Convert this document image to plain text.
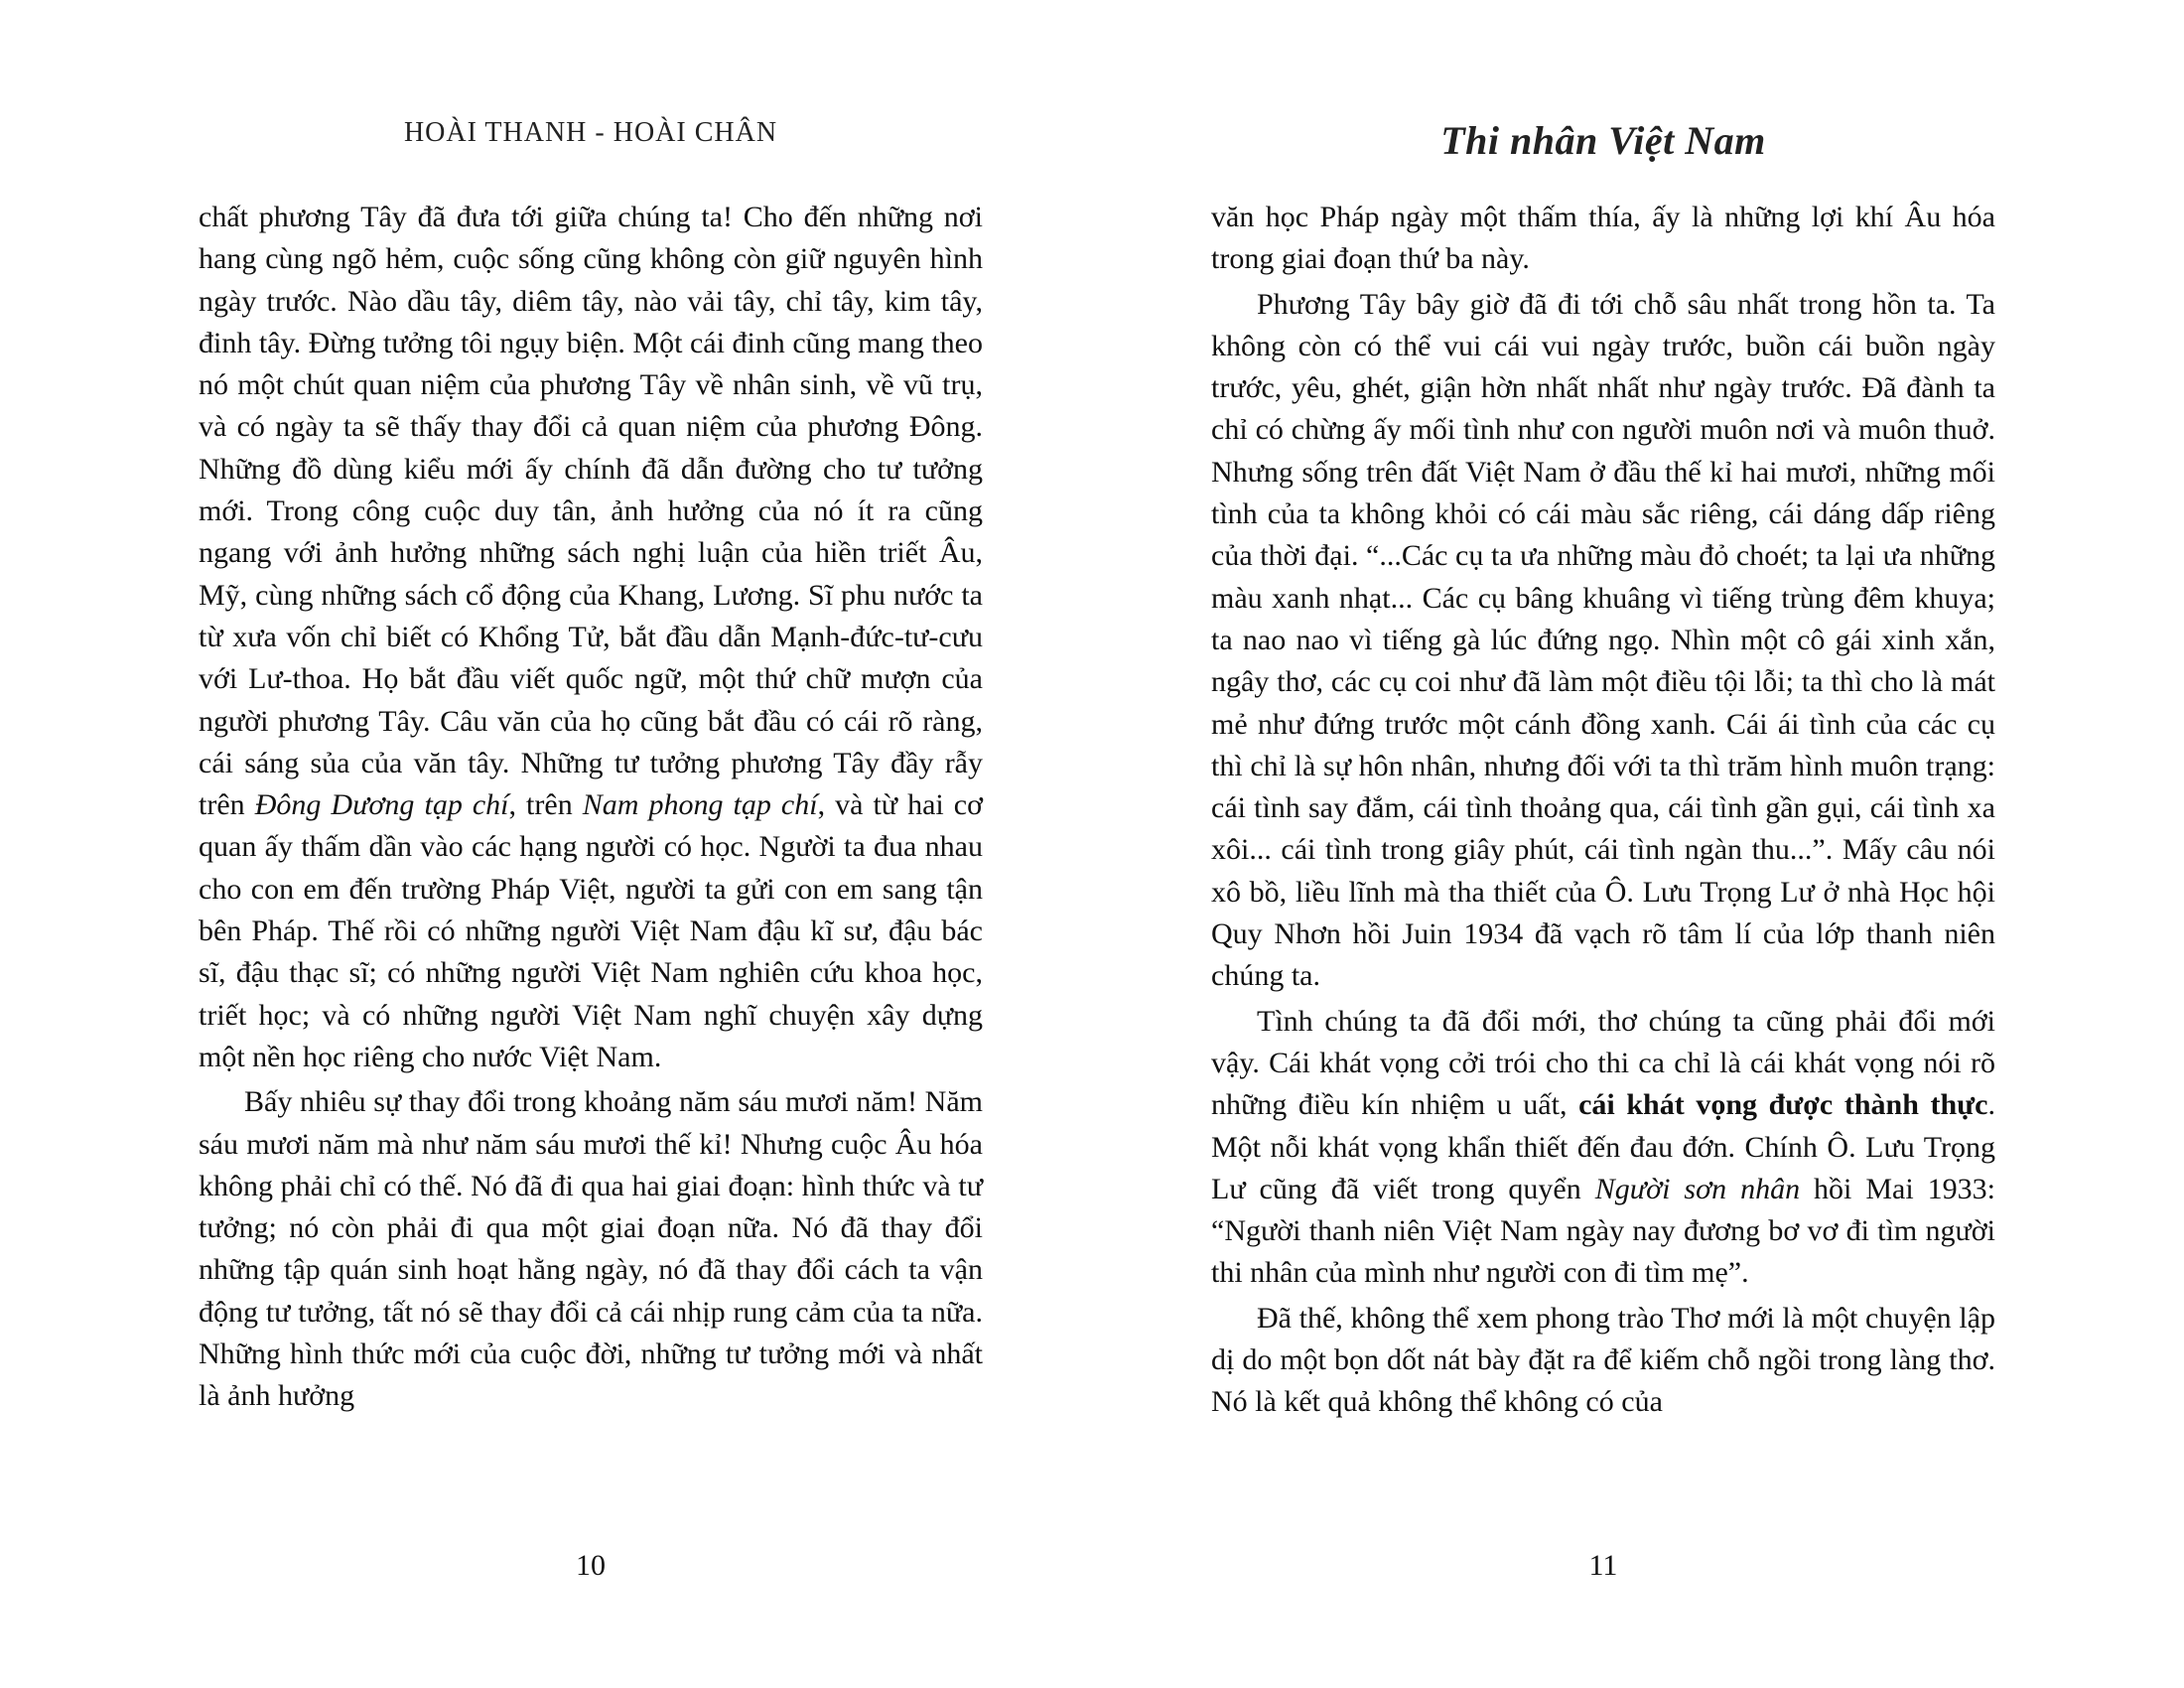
HOÀI THANH - HOÀI CHÂN

chất phương Tây đã đưa tới giữa chúng ta! Cho đến những nơi hang cùng ngõ hẻm, cuộc sống cũng không còn giữ nguyên hình ngày trước. Nào dầu tây, diêm tây, nào vải tây, chỉ tây, kim tây, đinh tây. Đừng tưởng tôi ngụy biện. Một cái đinh cũng mang theo nó một chút quan niệm của phương Tây về nhân sinh, về vũ trụ, và có ngày ta sẽ thấy thay đổi cả quan niệm của phương Đông. Những đồ dùng kiểu mới ấy chính đã dẫn đường cho tư tưởng mới. Trong công cuộc duy tân, ảnh hưởng của nó ít ra cũng ngang với ảnh hưởng những sách nghị luận của hiền triết Âu, Mỹ, cùng những sách cổ động của Khang, Lương. Sĩ phu nước ta từ xưa vốn chỉ biết có Khổng Tử, bắt đầu dẫn Mạnh-đức-tư-cưu với Lư-thoa. Họ bắt đầu viết quốc ngữ, một thứ chữ mượn của người phương Tây. Câu văn của họ cũng bắt đầu có cái rõ ràng, cái sáng sủa của văn tây. Những tư tưởng phương Tây đầy rẫy trên Đông Dương tạp chí, trên Nam phong tạp chí, và từ hai cơ quan ấy thấm dần vào các hạng người có học. Người ta đua nhau cho con em đến trường Pháp Việt, người ta gửi con em sang tận bên Pháp. Thế rồi có những người Việt Nam đậu kĩ sư, đậu bác sĩ, đậu thạc sĩ; có những người Việt Nam nghiên cứu khoa học, triết học; và có những người Việt Nam nghĩ chuyện xây dựng một nền học riêng cho nước Việt Nam.

Bấy nhiêu sự thay đổi trong khoảng năm sáu mươi năm! Năm sáu mươi năm mà như năm sáu mươi thế kỉ! Nhưng cuộc Âu hóa không phải chỉ có thế. Nó đã đi qua hai giai đoạn: hình thức và tư tưởng; nó còn phải đi qua một giai đoạn nữa. Nó đã thay đổi những tập quán sinh hoạt hằng ngày, nó đã thay đổi cách ta vận động tư tưởng, tất nó sẽ thay đổi cả cái nhịp rung cảm của ta nữa. Những hình thức mới của cuộc đời, những tư tưởng mới và nhất là ảnh hưởng

10
Thi nhân Việt Nam

văn học Pháp ngày một thấm thía, ấy là những lợi khí Âu hóa trong giai đoạn thứ ba này.

Phương Tây bây giờ đã đi tới chỗ sâu nhất trong hồn ta. Ta không còn có thể vui cái vui ngày trước, buồn cái buồn ngày trước, yêu, ghét, giận hờn nhất nhất như ngày trước. Đã đành ta chỉ có chừng ấy mối tình như con người muôn nơi và muôn thuở. Nhưng sống trên đất Việt Nam ở đầu thế kỉ hai mươi, những mối tình của ta không khỏi có cái màu sắc riêng, cái dáng dấp riêng của thời đại. “...Các cụ ta ưa những màu đỏ choét; ta lại ưa những màu xanh nhạt... Các cụ bâng khuâng vì tiếng trùng đêm khuya; ta nao nao vì tiếng gà lúc đứng ngọ. Nhìn một cô gái xinh xắn, ngây thơ, các cụ coi như đã làm một điều tội lỗi; ta thì cho là mát mẻ như đứng trước một cánh đồng xanh. Cái ái tình của các cụ thì chỉ là sự hôn nhân, nhưng đối với ta thì trăm hình muôn trạng: cái tình say đắm, cái tình thoảng qua, cái tình gần gụi, cái tình xa xôi... cái tình trong giây phút, cái tình ngàn thu...”. Mấy câu nói xô bồ, liều lĩnh mà tha thiết của Ô. Lưu Trọng Lư ở nhà Học hội Quy Nhơn hồi Juin 1934 đã vạch rõ tâm lí của lớp thanh niên chúng ta.

Tình chúng ta đã đổi mới, thơ chúng ta cũng phải đổi mới vậy. Cái khát vọng cởi trói cho thi ca chỉ là cái khát vọng nói rõ những điều kín nhiệm u uất, cái khát vọng được thành thực. Một nỗi khát vọng khẩn thiết đến đau đớn. Chính Ô. Lưu Trọng Lư cũng đã viết trong quyển Người sơn nhân hồi Mai 1933: “Người thanh niên Việt Nam ngày nay đương bơ vơ đi tìm người thi nhân của mình như người con đi tìm mẹ”.

Đã thế, không thể xem phong trào Thơ mới là một chuyện lập dị do một bọn dốt nát bày đặt ra để kiếm chỗ ngồi trong làng thơ. Nó là kết quả không thể không có của

11
